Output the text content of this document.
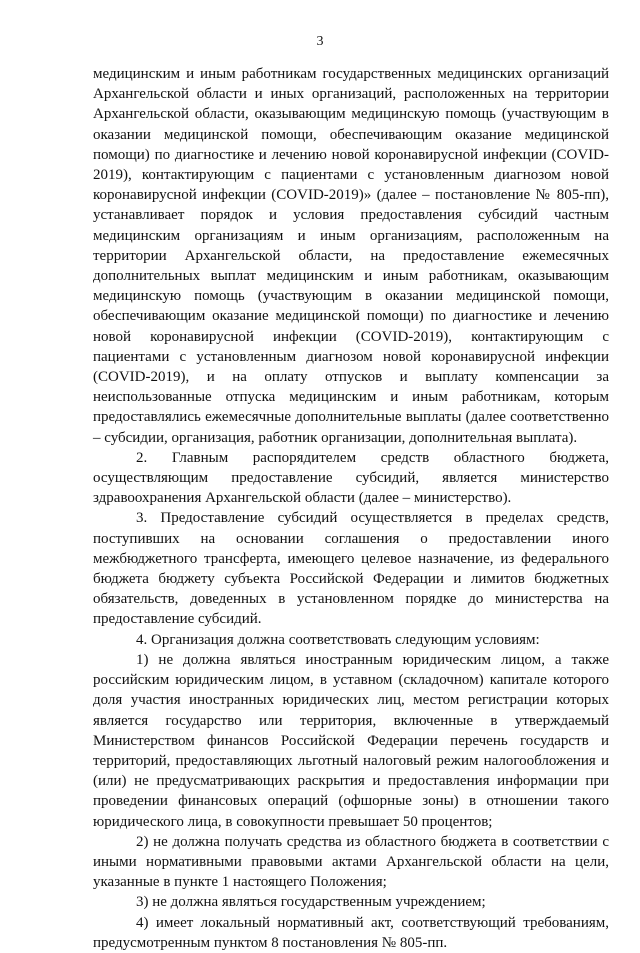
3

медицинским и иным работникам государственных медицинских организаций Архангельской области и иных организаций, расположенных на территории Архангельской области, оказывающим медицинскую помощь (участвующим в оказании медицинской помощи, обеспечивающим оказание медицинской помощи) по диагностике и лечению новой коронавирусной инфекции (COVID-2019), контактирующим с пациентами с установленным диагнозом новой коронавирусной инфекции (COVID-2019)» (далее – постановление № 805-пп), устанавливает порядок и условия предоставления субсидий частным медицинским организациям и иным организациям, расположенным на территории Архангельской области, на предоставление ежемесячных дополнительных выплат медицинским и иным работникам, оказывающим медицинскую помощь (участвующим в оказании медицинской помощи, обеспечивающим оказание медицинской помощи) по диагностике и лечению новой коронавирусной инфекции (COVID-2019), контактирующим с пациентами с установленным диагнозом новой коронавирусной инфекции (COVID-2019), и на оплату отпусков и выплату компенсации за неиспользованные отпуска медицинским и иным работникам, которым предоставлялись ежемесячные дополнительные выплаты (далее соответственно – субсидии, организация, работник организации, дополнительная выплата).

2. Главным распорядителем средств областного бюджета, осуществляющим предоставление субсидий, является министерство здравоохранения Архангельской области (далее – министерство).

3. Предоставление субсидий осуществляется в пределах средств, поступивших на основании соглашения о предоставлении иного межбюджетного трансферта, имеющего целевое назначение, из федерального бюджета бюджету субъекта Российской Федерации и лимитов бюджетных обязательств, доведенных в установленном порядке до министерства на предоставление субсидий.

4. Организация должна соответствовать следующим условиям:

1) не должна являться иностранным юридическим лицом, а также российским юридическим лицом, в уставном (складочном) капитале которого доля участия иностранных юридических лиц, местом регистрации которых является государство или территория, включенные в утверждаемый Министерством финансов Российской Федерации перечень государств и территорий, предоставляющих льготный налоговый режим налогообложения и (или) не предусматривающих раскрытия и предоставления информации при проведении финансовых операций (офшорные зоны) в отношении такого юридического лица, в совокупности превышает 50 процентов;

2) не должна получать средства из областного бюджета в соответствии с иными нормативными правовыми актами Архангельской области на цели, указанные в пункте 1 настоящего Положения;

3) не должна являться государственным учреждением;

4) имеет локальный нормативный акт, соответствующий требованиям, предусмотренным пунктом 8 постановления № 805-пп.
